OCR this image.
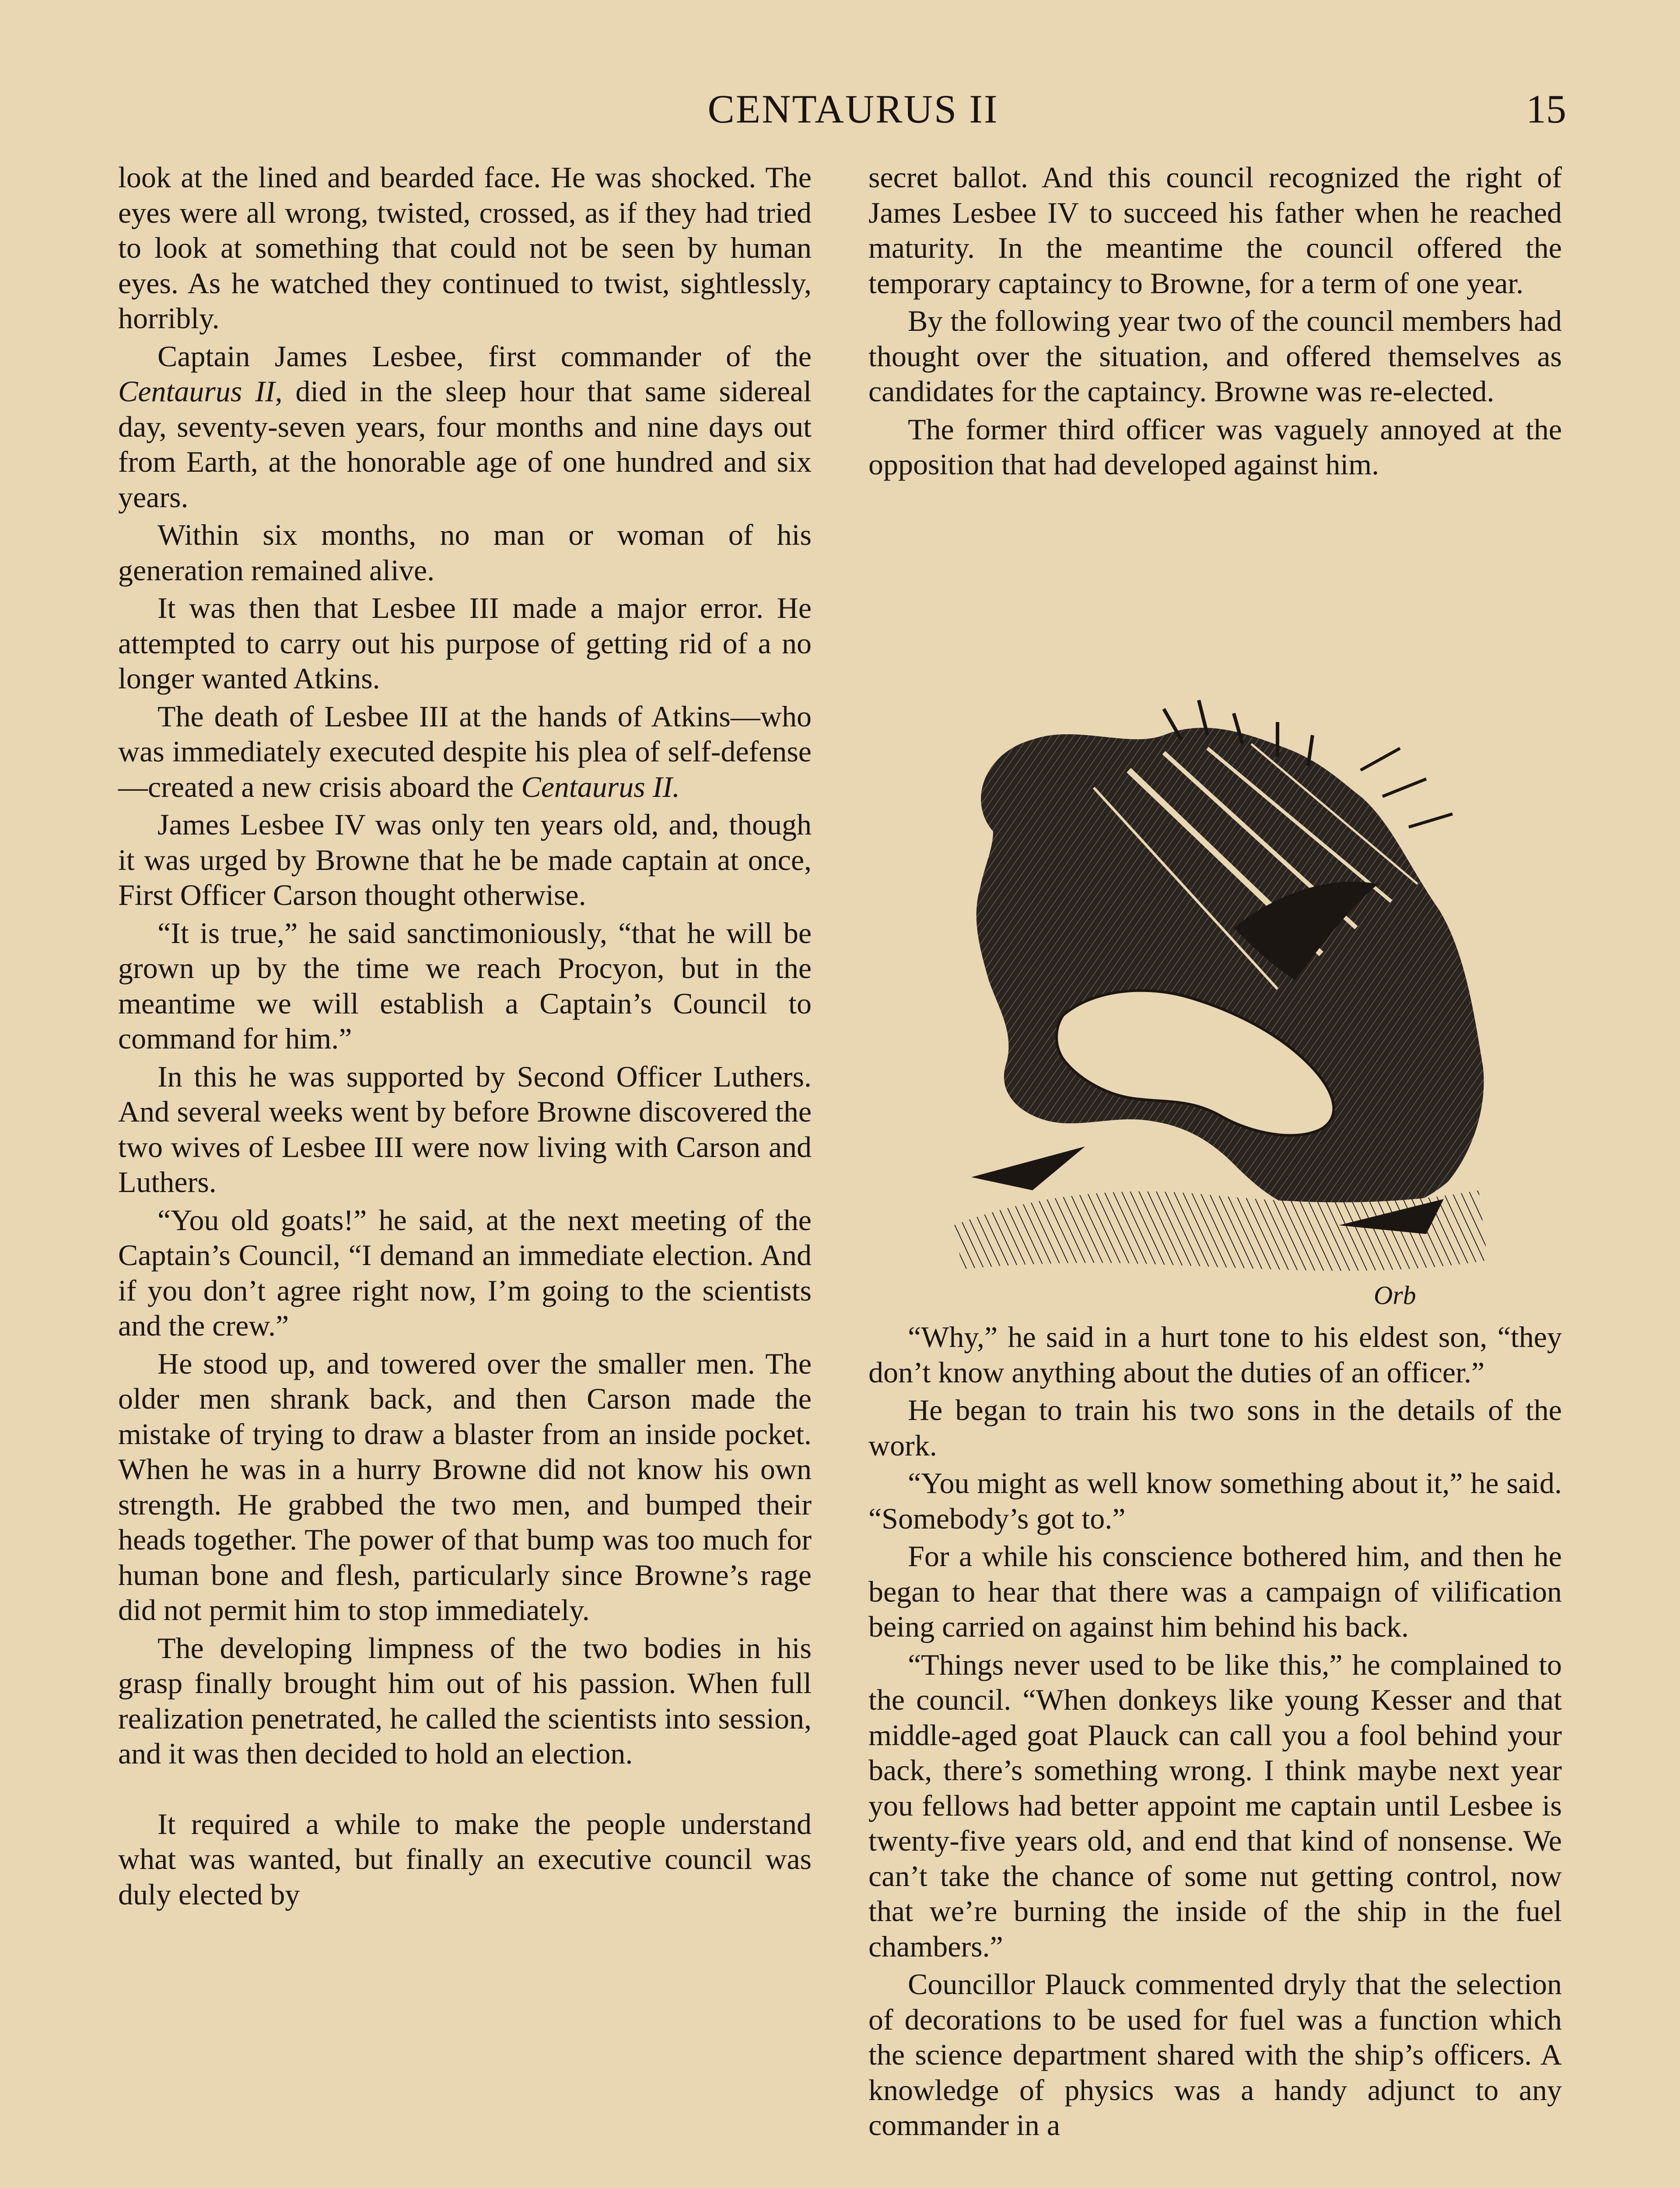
CENTAURUS II	15

look at the lined and bearded face. He was shocked. The eyes were all wrong, twisted, crossed, as if they had tried to look at something that could not be seen by human eyes. As he watched they continued to twist, sightlessly, horribly.

Captain James Lesbee, first commander of the Centaurus II, died in the sleep hour that same sidereal day, seventy-seven years, four months and nine days out from Earth, at the honorable age of one hundred and six years.

Within six months, no man or woman of his generation remained alive.

It was then that Lesbee III made a major error. He attempted to carry out his purpose of getting rid of a no longer wanted Atkins.

The death of Lesbee III at the hands of Atkins—who was immediately executed despite his plea of self-defense—created a new crisis aboard the Centaurus II.

James Lesbee IV was only ten years old, and, though it was urged by Browne that he be made captain at once, First Officer Carson thought otherwise.

“It is true,” he said sanctimoniously, “that he will be grown up by the time we reach Procyon, but in the meantime we will establish a Captain’s Council to command for him.”

In this he was supported by Second Officer Luthers. And several weeks went by before Browne discovered the two wives of Lesbee III were now living with Carson and Luthers.

“You old goats!” he said, at the next meeting of the Captain’s Council, “I demand an immediate election. And if you don’t agree right now, I’m going to the scientists and the crew.”

He stood up, and towered over the smaller men. The older men shrank back, and then Carson made the mistake of trying to draw a blaster from an inside pocket. When he was in a hurry Browne did not know his own strength. He grabbed the two men, and bumped their heads together. The power of that bump was too much for human bone and flesh, particularly since Browne’s rage did not permit him to stop immediately.

The developing limpness of the two bodies in his grasp finally brought him out of his passion. When full realization penetrated, he called the scientists into session, and it was then decided to hold an election.

It required a while to make the people understand what was wanted, but finally an executive council was duly elected by

secret ballot. And this council recognized the right of James Lesbee IV to succeed his father when he reached maturity. In the meantime the council offered the temporary captaincy to Browne, for a term of one year.

By the following year two of the council members had thought over the situation, and offered themselves as candidates for the captaincy. Browne was re-elected.

The former third officer was vaguely annoyed at the opposition that had developed against him.

Orb

“Why,” he said in a hurt tone to his eldest son, “they don’t know anything about the duties of an officer.”

He began to train his two sons in the details of the work.

“You might as well know something about it,” he said. “Somebody’s got to.”

For a while his conscience bothered him, and then he began to hear that there was a campaign of vilification being carried on against him behind his back.

“Things never used to be like this,” he complained to the council. “When donkeys like young Kesser and that middle-aged goat Plauck can call you a fool behind your back, there’s something wrong. I think maybe next year you fellows had better appoint me captain until Lesbee is twenty-five years old, and end that kind of nonsense. We can’t take the chance of some nut getting control, now that we’re burning the inside of the ship in the fuel chambers.”

Councillor Plauck commented dryly that the selection of decorations to be used for fuel was a function which the science department shared with the ship’s officers. A knowledge of physics was a handy adjunct to any commander in a
